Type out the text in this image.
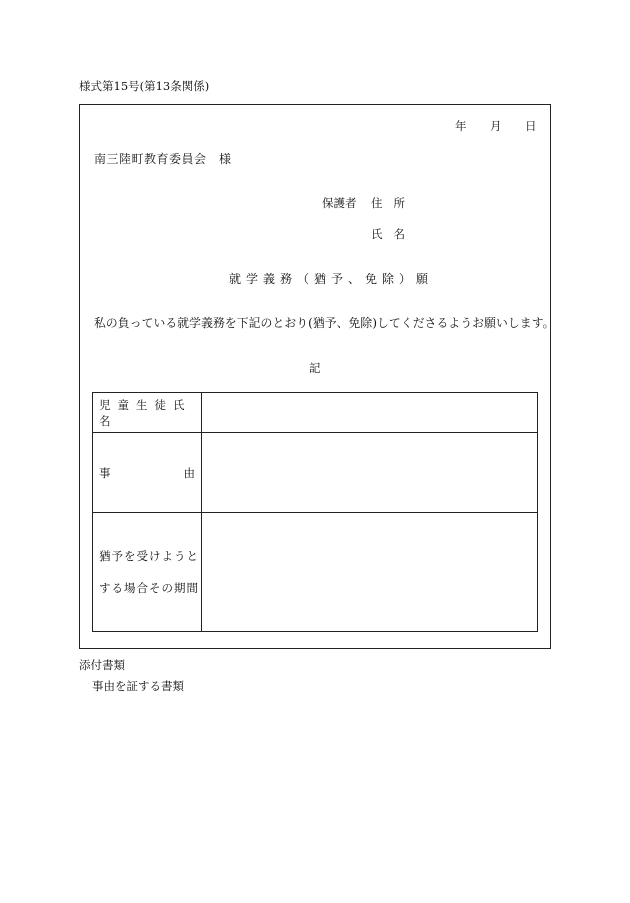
様式第15号(第13条関係)
年 月 日
南三陸町教育委員会　様
保護者 住所
氏名
就学義務（猶予、免除）願
私の負っている就学義務を下記のとおり(猶予、免除)してくださるようお願いします。
記
児童生徒氏名	

事 由	

猶予を受けようと
する場合その期間	

添付書類
事由を証する書類
